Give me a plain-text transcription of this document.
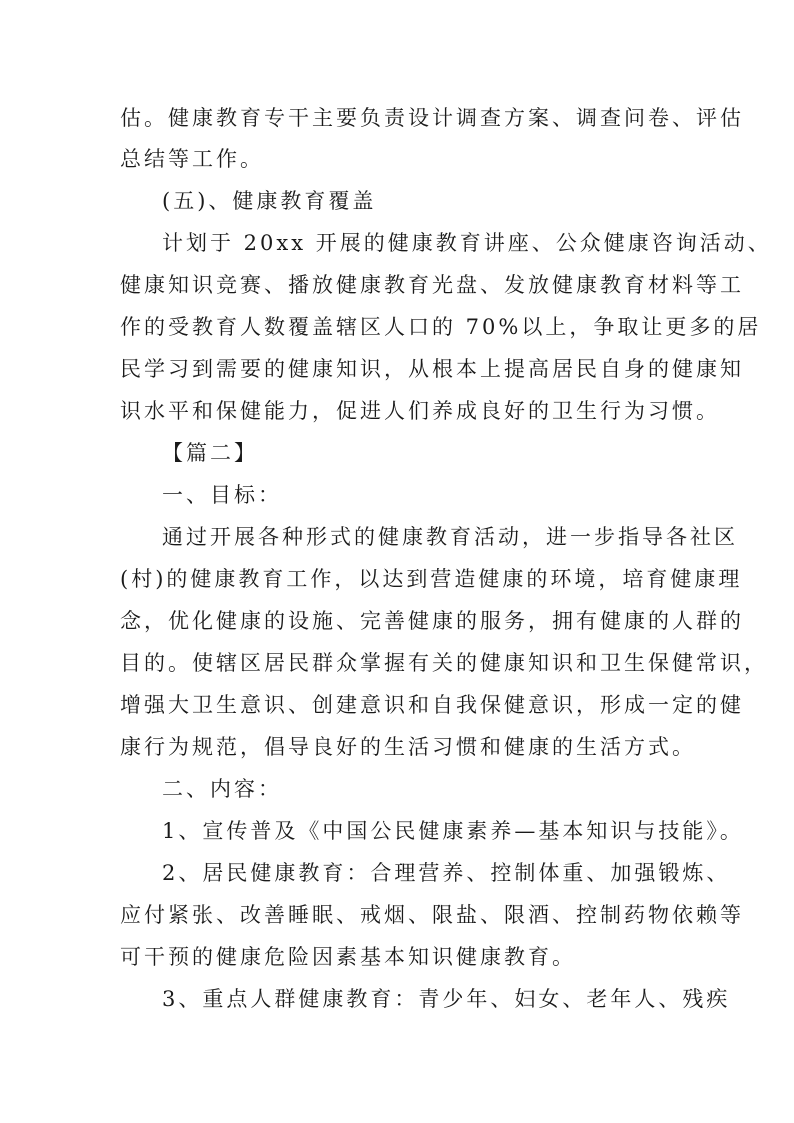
估。健康教育专干主要负责设计调查方案、调查问卷、评估
总结等工作。
(五)、健康教育覆盖
计划于 20xx 开展的健康教育讲座、公众健康咨询活动、
健康知识竞赛、播放健康教育光盘、发放健康教育材料等工
作的受教育人数覆盖辖区人口的 70%以上，争取让更多的居
民学习到需要的健康知识，从根本上提高居民自身的健康知
识水平和保健能力，促进人们养成良好的卫生行为习惯。
【篇二】
一、目标：
通过开展各种形式的健康教育活动，进一步指导各社区
(村)的健康教育工作，以达到营造健康的环境，培育健康理
念，优化健康的设施、完善健康的服务，拥有健康的人群的
目的。使辖区居民群众掌握有关的健康知识和卫生保健常识，
增强大卫生意识、创建意识和自我保健意识，形成一定的健
康行为规范，倡导良好的生活习惯和健康的生活方式。
二、内容：
1、宣传普及《中国公民健康素养—基本知识与技能》。
2、居民健康教育：合理营养、控制体重、加强锻炼、
应付紧张、改善睡眠、戒烟、限盐、限酒、控制药物依赖等
可干预的健康危险因素基本知识健康教育。
3、重点人群健康教育：青少年、妇女、老年人、残疾
